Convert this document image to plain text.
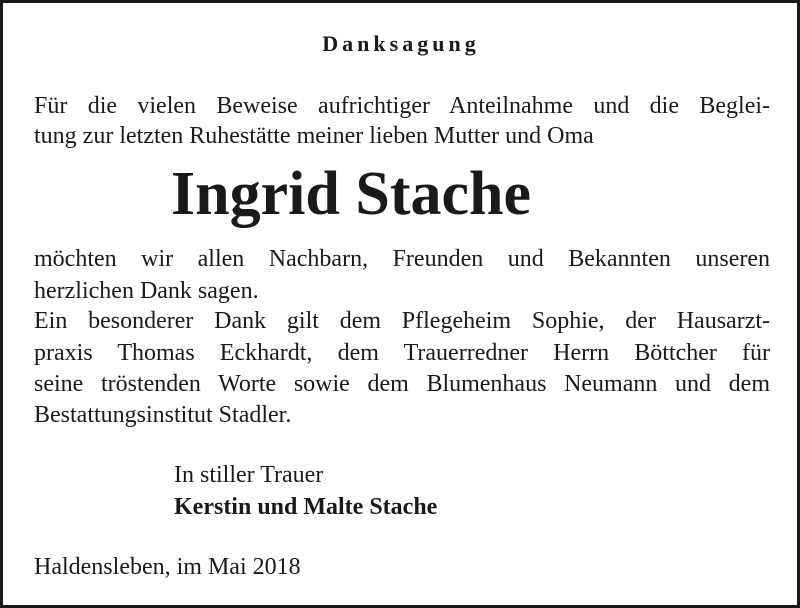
Danksagung
Für die vielen Beweise aufrichtiger Anteilnahme und die Beglei-
tung zur letzten Ruhestätte meiner lieben Mutter und Oma
Ingrid Stache
möchten wir allen Nachbarn, Freunden und Bekannten unseren
herzlichen Dank sagen.
Ein besonderer Dank gilt dem Pflegeheim Sophie, der Hausarzt-
praxis Thomas Eckhardt, dem Trauerredner Herrn Böttcher für
seine tröstenden Worte sowie dem Blumenhaus Neumann und dem
Bestattungsinstitut Stadler.
In stiller Trauer
Kerstin und Malte Stache
Haldensleben, im Mai 2018
